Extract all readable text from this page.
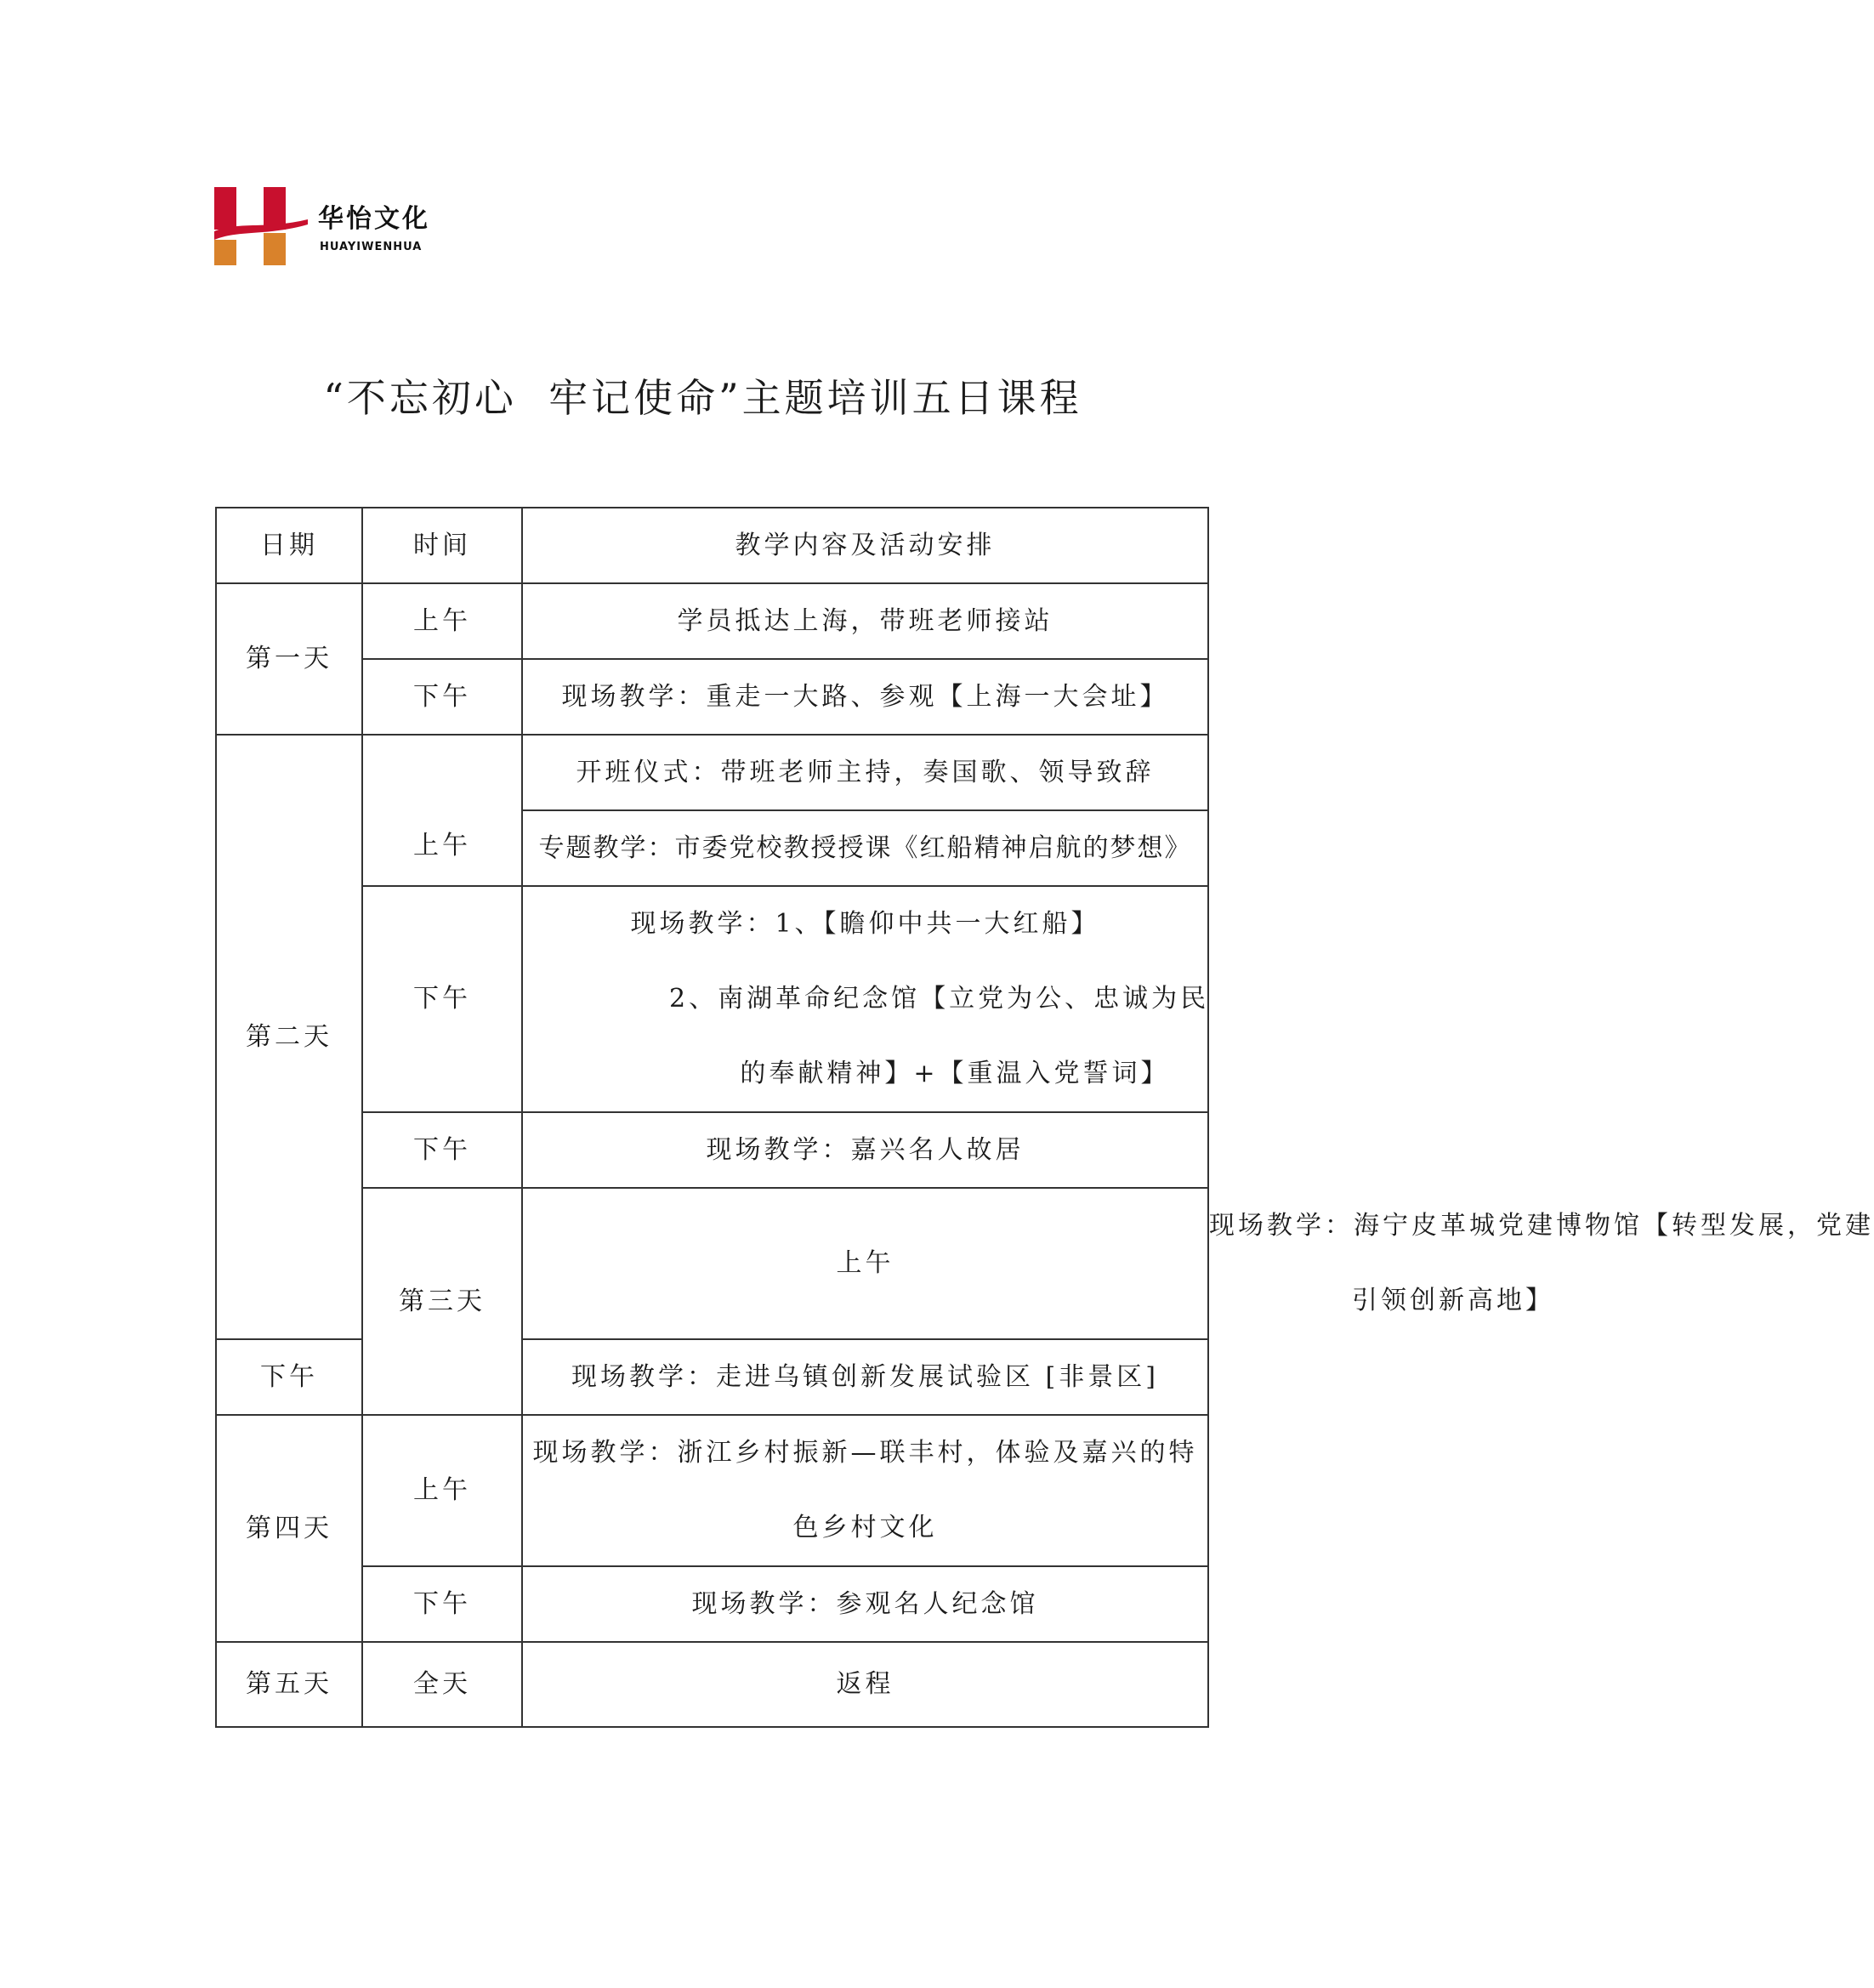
华怡文化
HUAYIWENHUA
“不忘初心  牢记使命”主题培训五日课程
日期	时间	教学内容及活动安排	
第一天	上午	学员抵达上海，带班老师接站	
	下午	现场教学：重走一大路、参观【上海一大会址】	
第二天	上午	开班仪式：带班老师主持，奏国歌、领导致辞	
		专题教学：市委党校教授授课《红船精神启航的梦想》	
	下午	现场教学：1、【瞻仰中共一大红船】
2、南湖革命纪念馆【立党为公、忠诚为民
的奉献精神】+【重温入党誓词】	

	下午	现场教学：嘉兴名人故居	
	第三天	上午	现场教学：海宁皮革城党建博物馆【转型发展，党建
引领创新高地】

下午		现场教学：走进乌镇创新发展试验区 [非景区]	
第四天	上午	现场教学：浙江乡村振新—联丰村，体验及嘉兴的特
色乡村文化	

	下午	现场教学：参观名人纪念馆	
第五天	全天	返程	
